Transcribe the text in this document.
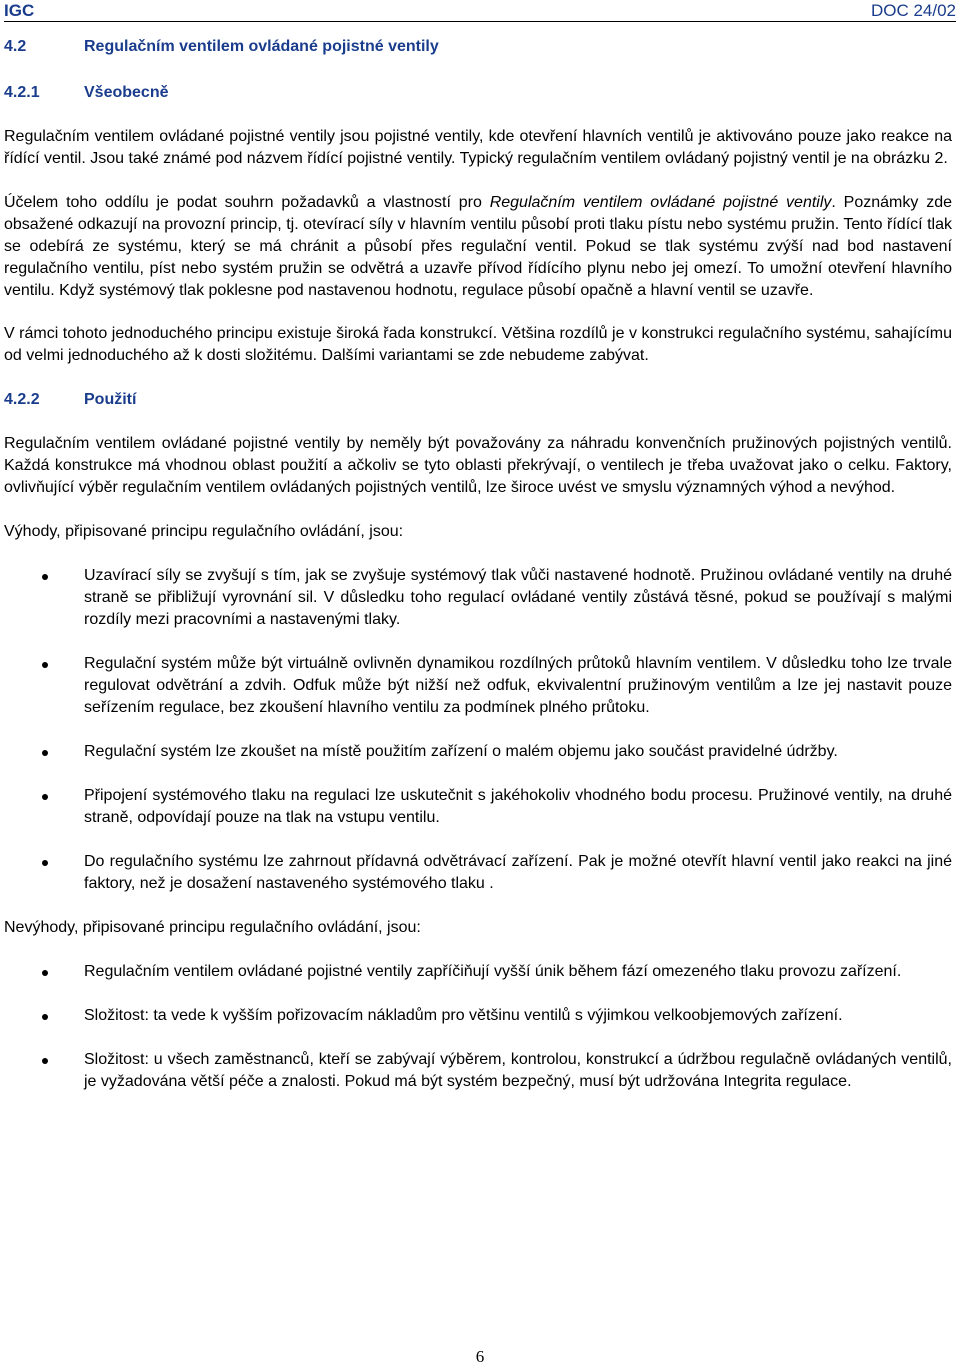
IGC	DOC 24/02
4.2	Regulačním ventilem ovládané pojistné ventily
4.2.1	Všeobecně

Regulačním ventilem ovládané pojistné ventily jsou pojistné ventily, kde otevření hlavních ventilů je aktivováno pouze jako reakce na řídící ventil. Jsou také známé pod názvem řídící pojistné ventily. Typický regulačním ventilem ovládaný pojistný ventil je na obrázku 2.

Účelem toho oddílu je podat souhrn požadavků a vlastností pro Regulačním ventilem ovládané pojistné ventily. Poznámky zde obsažené odkazují na provozní princip, tj. otevírací síly v hlavním ventilu působí proti tlaku pístu nebo systému pružin. Tento řídící tlak se odebírá ze systému, který se má chránit a působí přes regulační ventil. Pokud se tlak systému zvýší nad bod nastavení regulačního ventilu, píst nebo systém pružin se odvětrá a uzavře přívod řídícího plynu nebo jej omezí. To umožní otevření hlavního ventilu. Když systémový tlak poklesne pod nastavenou hodnotu, regulace působí opačně a hlavní ventil se uzavře.

V rámci tohoto jednoduchého principu existuje široká řada konstrukcí. Většina rozdílů je v konstrukci regulačního systému, sahajícímu od velmi jednoduchého až k dosti složitému. Dalšími variantami se zde nebudeme zabývat.

4.2.2	Použití

Regulačním ventilem ovládané pojistné ventily by neměly být považovány za náhradu konvenčních pružinových pojistných ventilů. Každá konstrukce má vhodnou oblast použití a ačkoliv se tyto oblasti překrývají, o ventilech je třeba uvažovat jako o celku. Faktory, ovlivňující výběr regulačním ventilem ovládaných pojistných ventilů, lze široce uvést ve smyslu významných výhod a nevýhod.

Výhody, připisované principu regulačního ovládání, jsou:

Uzavírací síly se zvyšují s tím, jak se zvyšuje systémový tlak vůči nastavené hodnotě. Pružinou ovládané ventily na druhé straně se přibližují vyrovnání sil. V důsledku toho regulací ovládané ventily zůstává těsné, pokud se používají s malými rozdíly mezi pracovními a nastavenými tlaky.
Regulační systém může být virtuálně ovlivněn dynamikou rozdílných průtoků hlavním ventilem. V důsledku toho lze trvale regulovat odvětrání a zdvih. Odfuk může být nižší než odfuk, ekvivalentní pružinovým ventilům a lze jej nastavit pouze seřízením regulace, bez zkoušení hlavního ventilu za podmínek plného průtoku.
Regulační systém lze zkoušet na místě použitím zařízení o malém objemu jako součást pravidelné údržby.
Připojení systémového tlaku na regulaci lze uskutečnit s jakéhokoliv vhodného bodu procesu. Pružinové ventily, na druhé straně, odpovídají pouze na tlak na vstupu ventilu.
Do regulačního systému lze zahrnout přídavná odvětrávací zařízení. Pak je možné otevřít hlavní ventil jako reakci na jiné faktory, než je dosažení nastaveného systémového tlaku .

Nevýhody, připisované principu regulačního ovládání, jsou:

Regulačním ventilem ovládané pojistné ventily zapříčiňují vyšší únik během fází omezeného tlaku provozu zařízení.
Složitost: ta vede k vyšším pořizovacím nákladům pro většinu ventilů s výjimkou velkoobjemových zařízení.
Složitost: u všech zaměstnanců, kteří se zabývají výběrem, kontrolou, konstrukcí a údržbou regulačně ovládaných ventilů, je vyžadována větší péče a znalosti. Pokud má být systém bezpečný, musí být udržována Integrita regulace.
6
